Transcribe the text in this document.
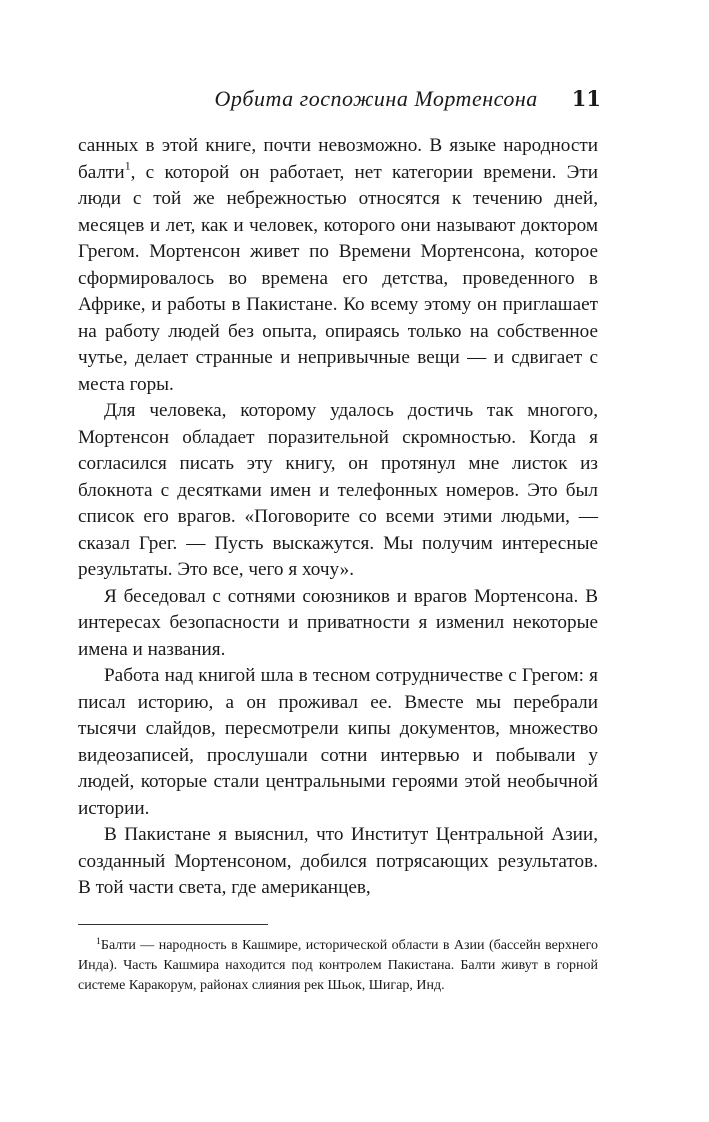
Орбита госпожина Мортенсона 11

санных в этой книге, почти невозможно. В языке народности балти$^1$, с которой он работает, нет категории времени. Эти люди с той же небрежностью относятся к течению дней, месяцев и лет, как и человек, которого они называют доктором Грегом. Мортенсон живет по Времени Мортенсона, которое сформировалось во времена его детства, проведенного в Африке, и работы в Пакистане. Ко всему этому он приглашает на работу людей без опыта, опираясь только на собственное чутье, делает странные и непривычные вещи — и сдвигает с места горы.

Для человека, которому удалось достичь так многого, Мортенсон обладает поразительной скромностью. Когда я согласился писать эту книгу, он протянул мне листок из блокнота с десятками имен и телефонных номеров. Это был список его врагов. «Поговорите со всеми этими людьми, — сказал Грег. — Пусть выскажутся. Мы получим интересные результаты. Это все, чего я хочу».

Я беседовал с сотнями союзников и врагов Мортенсона. В интересах безопасности и приватности я изменил некоторые имена и названия.

Работа над книгой шла в тесном сотрудничестве с Грегом: я писал историю, а он проживал ее. Вместе мы перебрали тысячи слайдов, пересмотрели кипы документов, множество видеозаписей, прослушали сотни интервью и побывали у людей, которые стали центральными героями этой необычной истории.

В Пакистане я выяснил, что Институт Центральной Азии, созданный Мортенсоном, добился потрясающих результатов. В той части света, где американцев,

$^1$Балти — народность в Кашмире, исторической области в Азии (бассейн верхнего Инда). Часть Кашмира находится под контролем Пакистана. Балти живут в горной системе Каракорум, районах слияния рек Шьок, Шигар, Инд.
